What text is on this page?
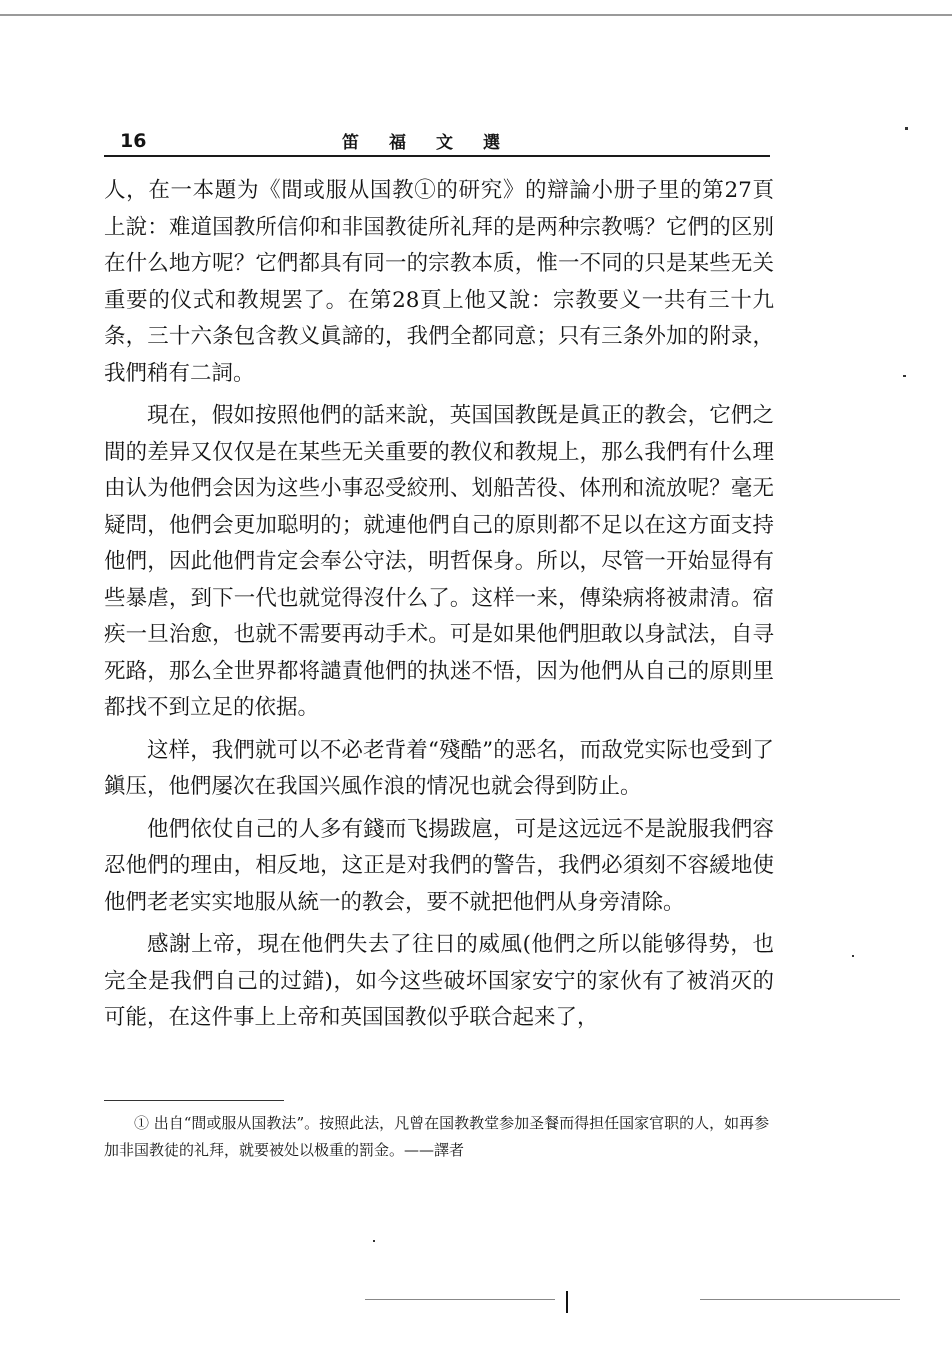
16	笛福文選

人，在一本題为《間或服从国教①的研究》的辯論小册子里的第27頁上說：难道国教所信仰和非国教徒所礼拜的是两种宗教嗎？它們的区别在什么地方呢？它們都具有同一的宗教本质，惟一不同的只是某些无关重要的仪式和教規罢了。在第28頁上他又說：宗教要义一共有三十九条，三十六条包含教义眞諦的，我們全都同意；只有三条外加的附录，我們稍有二詞。

現在，假如按照他們的話来說，英国国教旣是眞正的教会，它們之間的差异又仅仅是在某些无关重要的教仪和教規上，那么我們有什么理由认为他們会因为这些小事忍受絞刑、划船苦役、体刑和流放呢？毫无疑問，他們会更加聪明的；就連他們自己的原則都不足以在这方面支持他們，因此他們肯定会奉公守法，明哲保身。所以，尽管一开始显得有些暴虐，到下一代也就觉得沒什么了。这样一来，傳染病将被肃清。宿疾一旦治愈，也就不需要再动手术。可是如果他們胆敢以身試法，自寻死路，那么全世界都将譴責他們的执迷不悟，因为他們从自己的原則里都找不到立足的依据。

这样，我們就可以不必老背着“殘酷”的恶名，而敌党实际也受到了鎭压，他們屡次在我国兴風作浪的情况也就会得到防止。

他們依仗自己的人多有錢而飞揚跋扈，可是这远远不是說服我們容忍他們的理由，相反地，这正是对我們的警告，我們必須刻不容緩地使他們老老实实地服从統一的教会，要不就把他們从身旁清除。

感謝上帝，現在他們失去了往日的威風(他們之所以能够得势，也完全是我們自己的过錯)，如今这些破坏国家安宁的家伙有了被消灭的可能，在这件事上上帝和英国国教似乎联合起来了，

① 出自“間或服从国教法”。按照此法，凡曾在国教教堂参加圣餐而得担任国家官职的人，如再参加非国教徒的礼拜，就要被处以极重的罰金。——譯者
